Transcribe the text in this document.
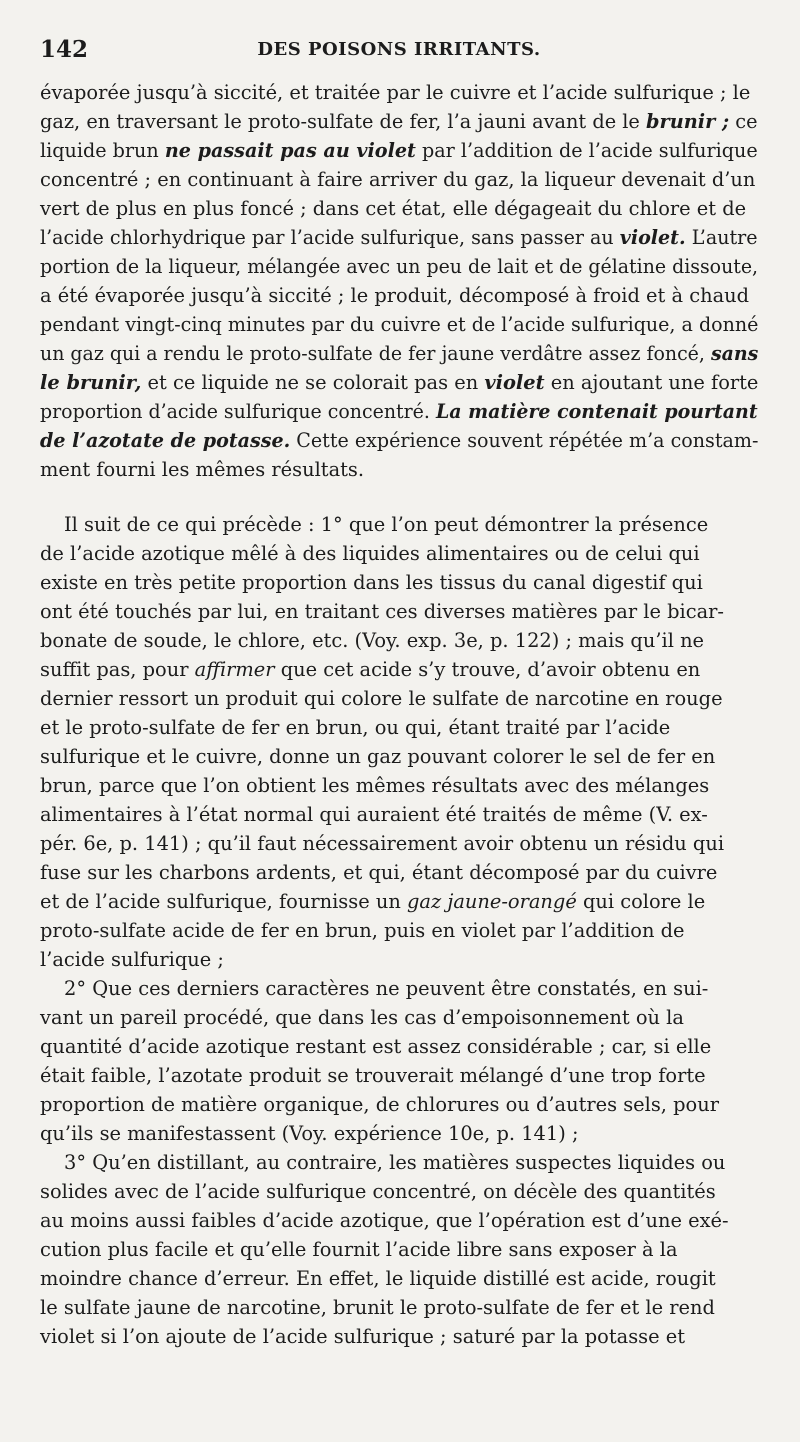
142	DES POISONS IRRITANTS.
évaporée jusqu’à siccité, et traitée par le cuivre et l’acide sulfurique ; le
gaz, en traversant le proto-sulfate de fer, l’a jauni avant de le brunir ; ce
liquide brun ne passait pas au violet par l’addition de l’acide sulfurique
concentré ; en continuant à faire arriver du gaz, la liqueur devenait d’un
vert de plus en plus foncé ; dans cet état, elle dégageait du chlore et de
l’acide chlorhydrique par l’acide sulfurique, sans passer au violet. L’autre
portion de la liqueur, mélangée avec un peu de lait et de gélatine dissoute,
a été évaporée jusqu’à siccité ; le produit, décomposé à froid et à chaud
pendant vingt-cinq minutes par du cuivre et de l’acide sulfurique, a donné
un gaz qui a rendu le proto-sulfate de fer jaune verdâtre assez foncé, sans
le brunir, et ce liquide ne se colorait pas en violet en ajoutant une forte
proportion d’acide sulfurique concentré. La matière contenait pourtant
de l’azotate de potasse. Cette expérience souvent répétée m’a constam-
ment fourni les mêmes résultats.
Il suit de ce qui précède : 1° que l’on peut démontrer la présence
de l’acide azotique mêlé à des liquides alimentaires ou de celui qui
existe en très petite proportion dans les tissus du canal digestif qui
ont été touchés par lui, en traitant ces diverses matières par le bicar-
bonate de soude, le chlore, etc. (Voy. exp. 3e, p. 122) ; mais qu’il ne
suffit pas, pour affirmer que cet acide s’y trouve, d’avoir obtenu en
dernier ressort un produit qui colore le sulfate de narcotine en rouge
et le proto-sulfate de fer en brun, ou qui, étant traité par l’acide
sulfurique et le cuivre, donne un gaz pouvant colorer le sel de fer en
brun, parce que l’on obtient les mêmes résultats avec des mélanges
alimentaires à l’état normal qui auraient été traités de même (V. ex-
pér. 6e, p. 141) ; qu’il faut nécessairement avoir obtenu un résidu qui
fuse sur les charbons ardents, et qui, étant décomposé par du cuivre
et de l’acide sulfurique, fournisse un gaz jaune-orangé qui colore le
proto-sulfate acide de fer en brun, puis en violet par l’addition de
l’acide sulfurique ;
2° Que ces derniers caractères ne peuvent être constatés, en sui-
vant un pareil procédé, que dans les cas d’empoisonnement où la
quantité d’acide azotique restant est assez considérable ; car, si elle
était faible, l’azotate produit se trouverait mélangé d’une trop forte
proportion de matière organique, de chlorures ou d’autres sels, pour
qu’ils se manifestassent (Voy. expérience 10e, p. 141) ;
3° Qu’en distillant, au contraire, les matières suspectes liquides ou
solides avec de l’acide sulfurique concentré, on décèle des quantités
au moins aussi faibles d’acide azotique, que l’opération est d’une exé-
cution plus facile et qu’elle fournit l’acide libre sans exposer à la
moindre chance d’erreur. En effet, le liquide distillé est acide, rougit
le sulfate jaune de narcotine, brunit le proto-sulfate de fer et le rend
violet si l’on ajoute de l’acide sulfurique ; saturé par la potasse et
